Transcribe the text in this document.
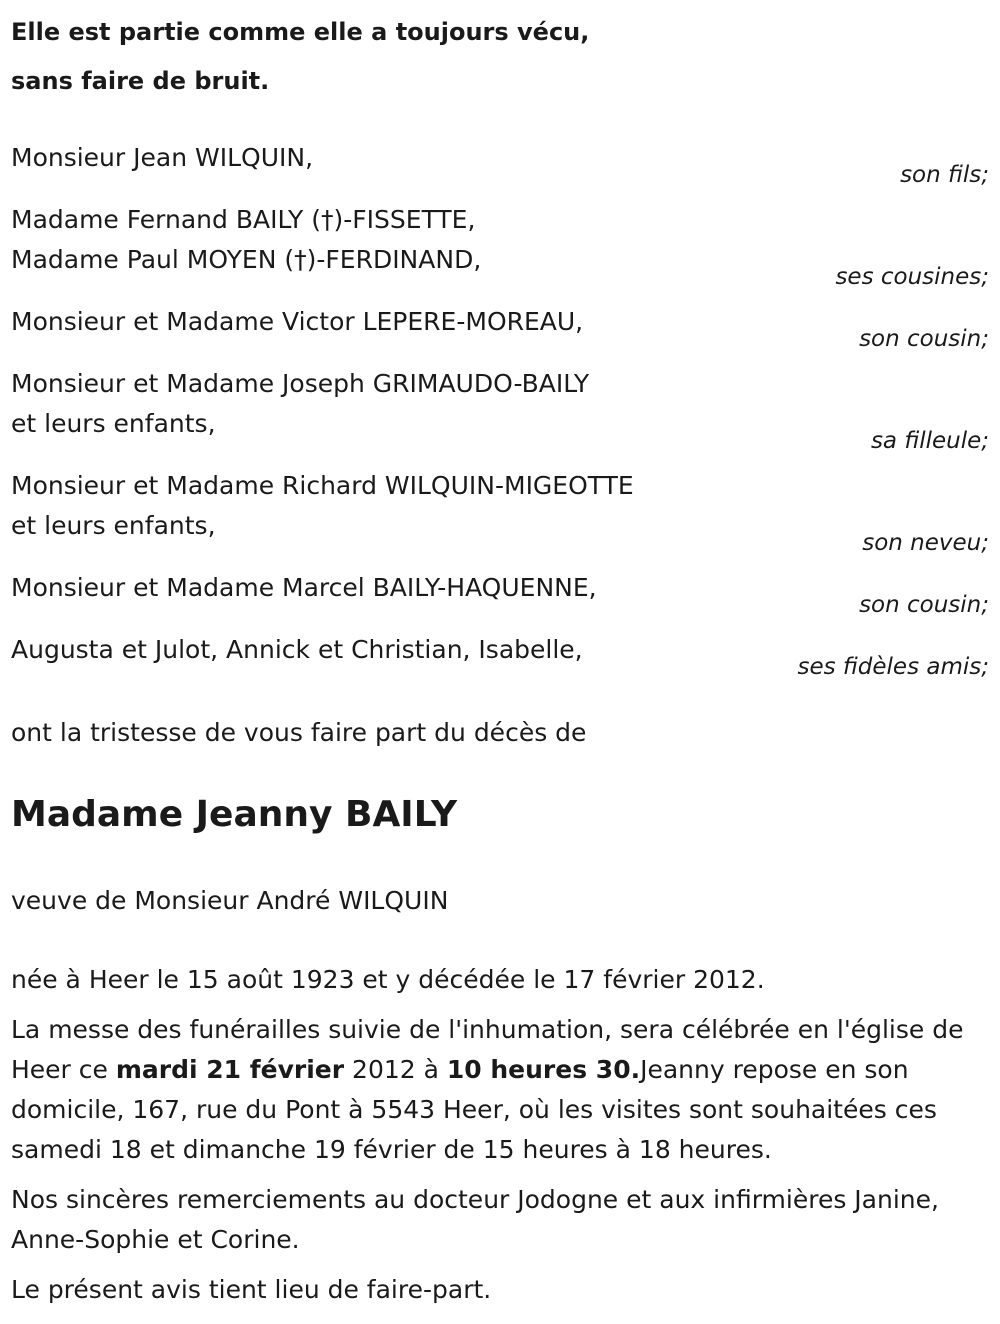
Elle est partie comme elle a toujours vécu,
sans faire de bruit.
Monsieur Jean WILQUIN,
son fils;
Madame Fernand BAILY (†)-FISSETTE,
Madame Paul MOYEN (†)-FERDINAND,
ses cousines;
Monsieur et Madame Victor LEPERE-MOREAU,
son cousin;
Monsieur et Madame Joseph GRIMAUDO-BAILY
et leurs enfants,
sa filleule;
Monsieur et Madame Richard WILQUIN-MIGEOTTE
et leurs enfants,
son neveu;
Monsieur et Madame Marcel BAILY-HAQUENNE,
son cousin;
Augusta et Julot, Annick et Christian, Isabelle,
ses fidèles amis;
ont la tristesse de vous faire part du décès de
Madame Jeanny BAILY
veuve de Monsieur André WILQUIN

née à Heer le 15 août 1923 et y décédée le 17 février 2012.

La messe des funérailles suivie de l'inhumation, sera célébrée en l'église de Heer ce mardi 21 février 2012 à 10 heures 30.Jeanny repose en son domicile, 167, rue du Pont à 5543 Heer, où les visites sont souhaitées ces samedi 18 et dimanche 19 février de 15 heures à 18 heures.

Nos sincères remerciements au docteur Jodogne et aux infirmières Janine, Anne-Sophie et Corine.

Le présent avis tient lieu de faire-part.
